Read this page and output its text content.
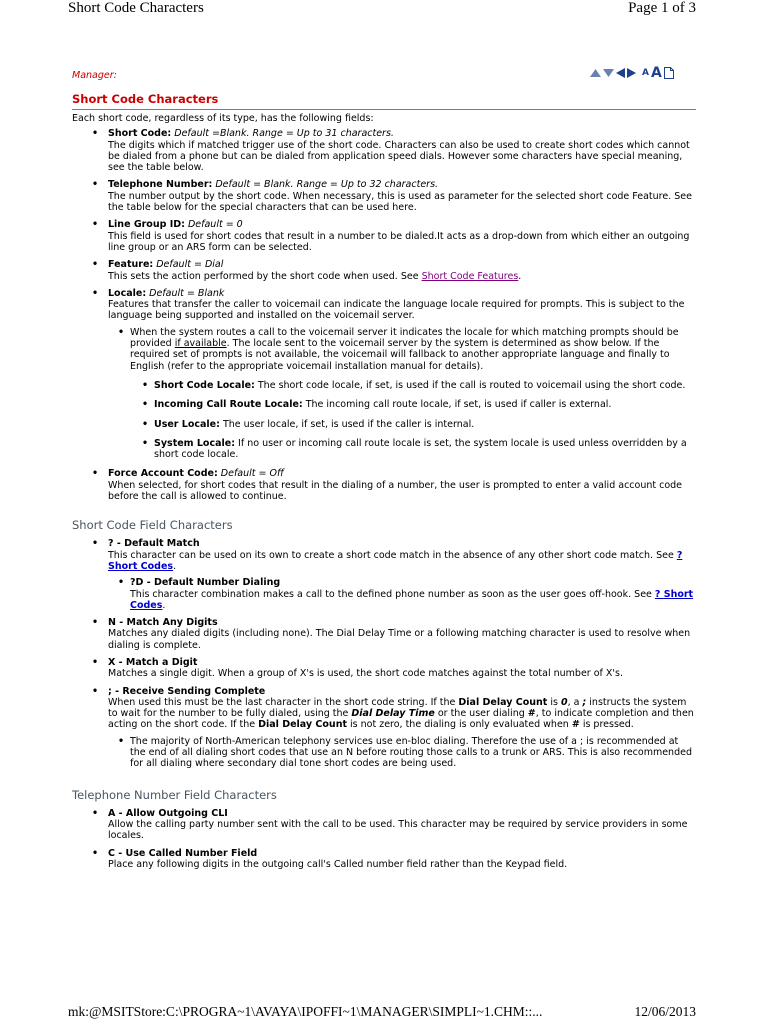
Short Code Characters	Page 1 of 3
Manager:	A A
Short Code Characters
Each short code, regardless of its type, has the following fields:
• Short Code: Default =Blank. Range = Up to 31 characters.
The digits which if matched trigger use of the short code. Characters can also be used to create short codes which cannot be dialed from a phone but can be dialed from application speed dials. However some characters have special meaning, see the table below.
• Telephone Number: Default = Blank. Range = Up to 32 characters.
The number output by the short code. When necessary, this is used as parameter for the selected short code Feature. See the table below for the special characters that can be used here.
• Line Group ID: Default = 0
This field is used for short codes that result in a number to be dialed.It acts as a drop-down from which either an outgoing line group or an ARS form can be selected.
• Feature: Default = Dial
This sets the action performed by the short code when used. See Short Code Features.
• Locale: Default = Blank
Features that transfer the caller to voicemail can indicate the language locale required for prompts. This is subject to the language being supported and installed on the voicemail server.
• When the system routes a call to the voicemail server it indicates the locale for which matching prompts should be provided if available. The locale sent to the voicemail server by the system is determined as show below. If the required set of prompts is not available, the voicemail will fallback to another appropriate language and finally to English (refer to the appropriate voicemail installation manual for details).
• Short Code Locale: The short code locale, if set, is used if the call is routed to voicemail using the short code.
• Incoming Call Route Locale: The incoming call route locale, if set, is used if caller is external.
• User Locale: The user locale, if set, is used if the caller is internal.
• System Locale: If no user or incoming call route locale is set, the system locale is used unless overridden by a short code locale.
• Force Account Code: Default = Off
When selected, for short codes that result in the dialing of a number, the user is prompted to enter a valid account code before the call is allowed to continue.
Short Code Field Characters
• ? - Default Match
This character can be used on its own to create a short code match in the absence of any other short code match. See ? Short Codes.
• ?D - Default Number Dialing
This character combination makes a call to the defined phone number as soon as the user goes off-hook. See ? Short Codes.
• N - Match Any Digits
Matches any dialed digits (including none). The Dial Delay Time or a following matching character is used to resolve when dialing is complete.
• X - Match a Digit
Matches a single digit. When a group of X's is used, the short code matches against the total number of X's.
• ; - Receive Sending Complete
When used this must be the last character in the short code string. If the Dial Delay Count is 0, a ; instructs the system to wait for the number to be fully dialed, using the Dial Delay Time or the user dialing #, to indicate completion and then acting on the short code. If the Dial Delay Count is not zero, the dialing is only evaluated when # is pressed.
• The majority of North-American telephony services use en-bloc dialing. Therefore the use of a ; is recommended at the end of all dialing short codes that use an N before routing those calls to a trunk or ARS. This is also recommended for all dialing where secondary dial tone short codes are being used.
Telephone Number Field Characters
• A - Allow Outgoing CLI
Allow the calling party number sent with the call to be used. This character may be required by service providers in some locales.
• C - Use Called Number Field
Place any following digits in the outgoing call's Called number field rather than the Keypad field.
mk:@MSITStore:C:\PROGRA~1\AVAYA\IPOFFI~1\MANAGER\SIMPLI~1.CHM::...	12/06/2013
